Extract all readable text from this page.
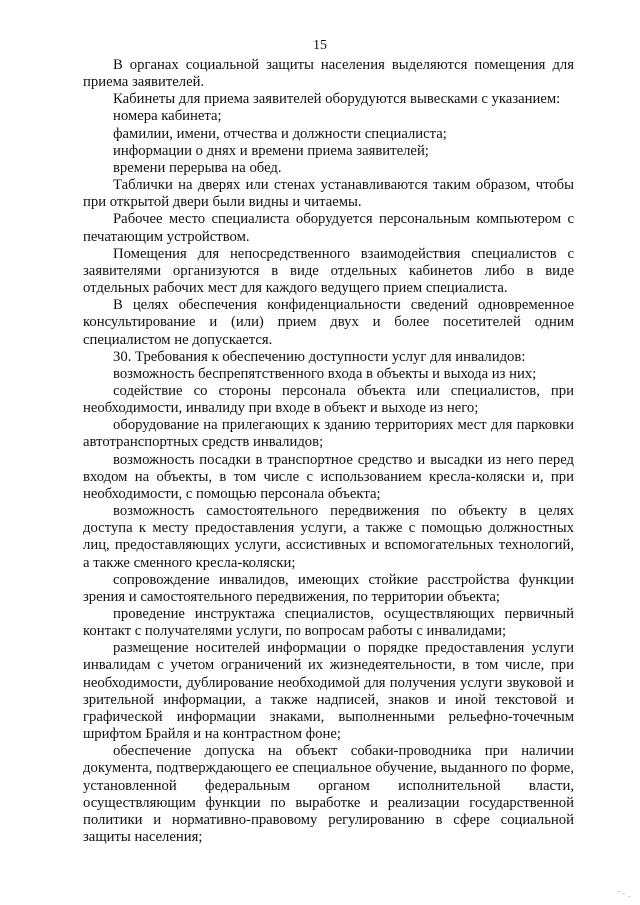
15

В органах социальной защиты населения выделяются помещения для приема заявителей.

Кабинеты для приема заявителей оборудуются вывесками с указанием:

номера кабинета;

фамилии, имени, отчества и должности специалиста;

информации о днях и времени приема заявителей;

времени перерыва на обед.

Таблички на дверях или стенах устанавливаются таким образом, чтобы при открытой двери были видны и читаемы.

Рабочее место специалиста оборудуется персональным компьютером с печатающим устройством.

Помещения для непосредственного взаимодействия специалистов с заявителями организуются в виде отдельных кабинетов либо в виде отдельных рабочих мест для каждого ведущего прием специалиста.

В целях обеспечения конфиденциальности сведений одновременное консультирование и (или) прием двух и более посетителей одним специалистом не допускается.

30. Требования к обеспечению доступности услуг для инвалидов:

возможность беспрепятственного входа в объекты и выхода из них;

содействие со стороны персонала объекта или специалистов, при необходимости, инвалиду при входе в объект и выходе из него;

оборудование на прилегающих к зданию территориях мест для парковки автотранспортных средств инвалидов;

возможность посадки в транспортное средство и высадки из него перед входом на объекты, в том числе с использованием кресла-коляски и, при необходимости, с помощью персонала объекта;

возможность самостоятельного передвижения по объекту в целях доступа к месту предоставления услуги, а также с помощью должностных лиц, предоставляющих услуги, ассистивных и вспомогательных технологий, а также сменного кресла-коляски;

сопровождение инвалидов, имеющих стойкие расстройства функции зрения и самостоятельного передвижения, по территории объекта;

проведение инструктажа специалистов, осуществляющих первичный контакт с получателями услуги, по вопросам работы с инвалидами;

размещение носителей информации о порядке предоставления услуги инвалидам с учетом ограничений их жизнедеятельности, в том числе, при необходимости, дублирование необходимой для получения услуги звуковой и зрительной информации, а также надписей, знаков и иной текстовой и графической информации знаками, выполненными рельефно-точечным шрифтом Брайля и на контрастном фоне;

обеспечение допуска на объект собаки-проводника при наличии документа, подтверждающего ее специальное обучение, выданного по форме, установленной федеральным органом исполнительной власти, осуществляющим функции по выработке и реализации государственной политики и нормативно-правовому регулированию в сфере социальной защиты населения;
